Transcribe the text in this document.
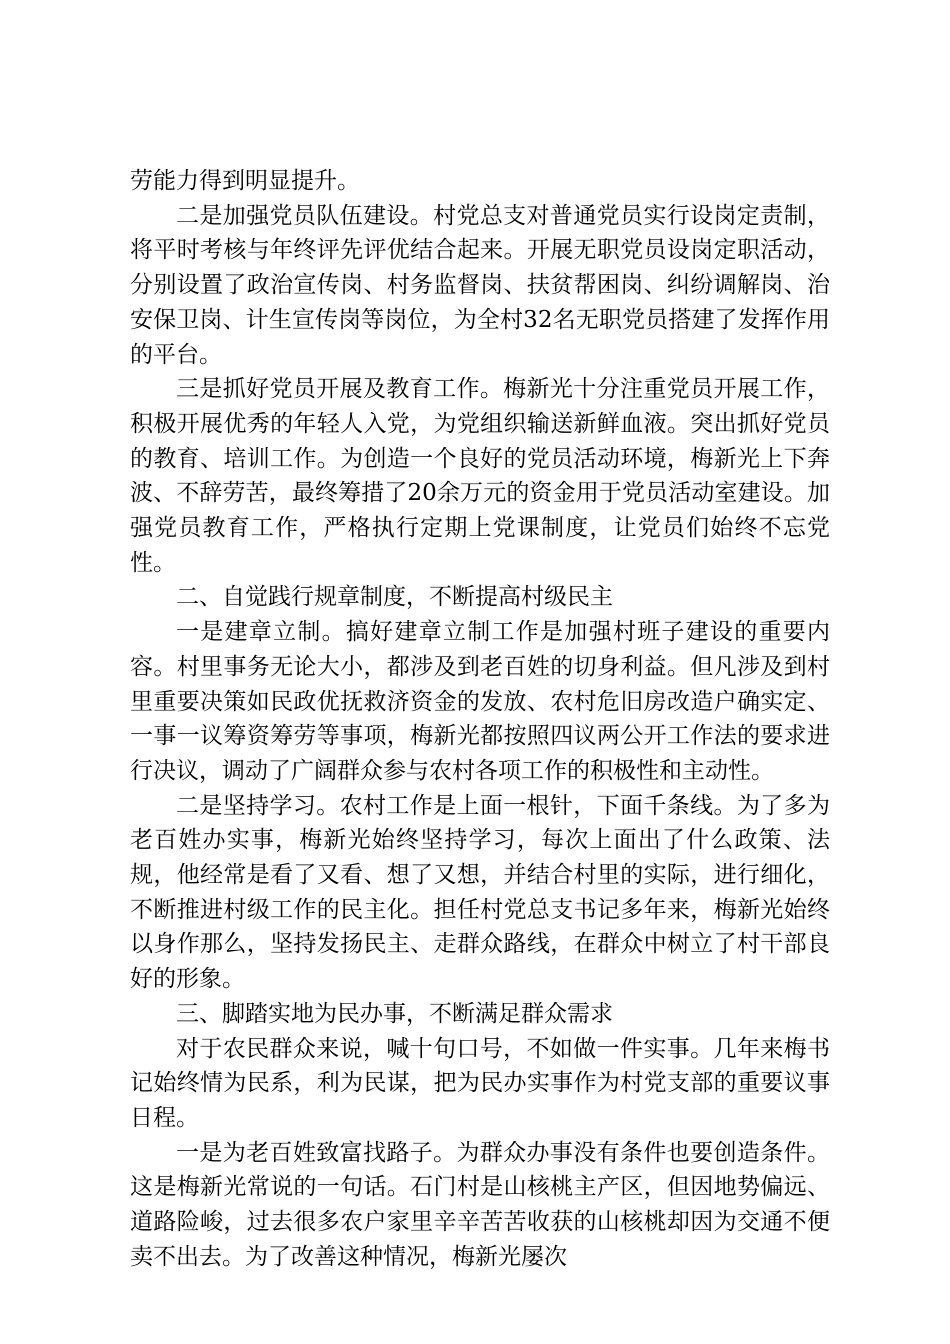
劳能力得到明显提升。

二是加强党员队伍建设。村党总支对普通党员实行设岗定责制，将平时考核与年终评先评优结合起来。开展无职党员设岗定职活动，分别设置了政治宣传岗、村务监督岗、扶贫帮困岗、纠纷调解岗、治安保卫岗、计生宣传岗等岗位，为全村32名无职党员搭建了发挥作用的平台。

三是抓好党员开展及教育工作。梅新光十分注重党员开展工作，积极开展优秀的年轻人入党，为党组织输送新鲜血液。突出抓好党员的教育、培训工作。为创造一个良好的党员活动环境，梅新光上下奔波、不辞劳苦，最终筹措了20余万元的资金用于党员活动室建设。加强党员教育工作，严格执行定期上党课制度，让党员们始终不忘党性。

二、自觉践行规章制度，不断提高村级民主

一是建章立制。搞好建章立制工作是加强村班子建设的重要内容。村里事务无论大小，都涉及到老百姓的切身利益。但凡涉及到村里重要决策如民政优抚救济资金的发放、农村危旧房改造户确实定、一事一议筹资筹劳等事项，梅新光都按照四议两公开工作法的要求进行决议，调动了广阔群众参与农村各项工作的积极性和主动性。

二是坚持学习。农村工作是上面一根针，下面千条线。为了多为老百姓办实事，梅新光始终坚持学习，每次上面出了什么政策、法规，他经常是看了又看、想了又想，并结合村里的实际，进行细化，不断推进村级工作的民主化。担任村党总支书记多年来，梅新光始终以身作那么，坚持发扬民主、走群众路线，在群众中树立了村干部良好的形象。

三、脚踏实地为民办事，不断满足群众需求

对于农民群众来说，喊十句口号，不如做一件实事。几年来梅书记始终情为民系，利为民谋，把为民办实事作为村党支部的重要议事日程。

一是为老百姓致富找路子。为群众办事没有条件也要创造条件。这是梅新光常说的一句话。石门村是山核桃主产区，但因地势偏远、道路险峻，过去很多农户家里辛辛苦苦收获的山核桃却因为交通不便卖不出去。为了改善这种情况，梅新光屡次
